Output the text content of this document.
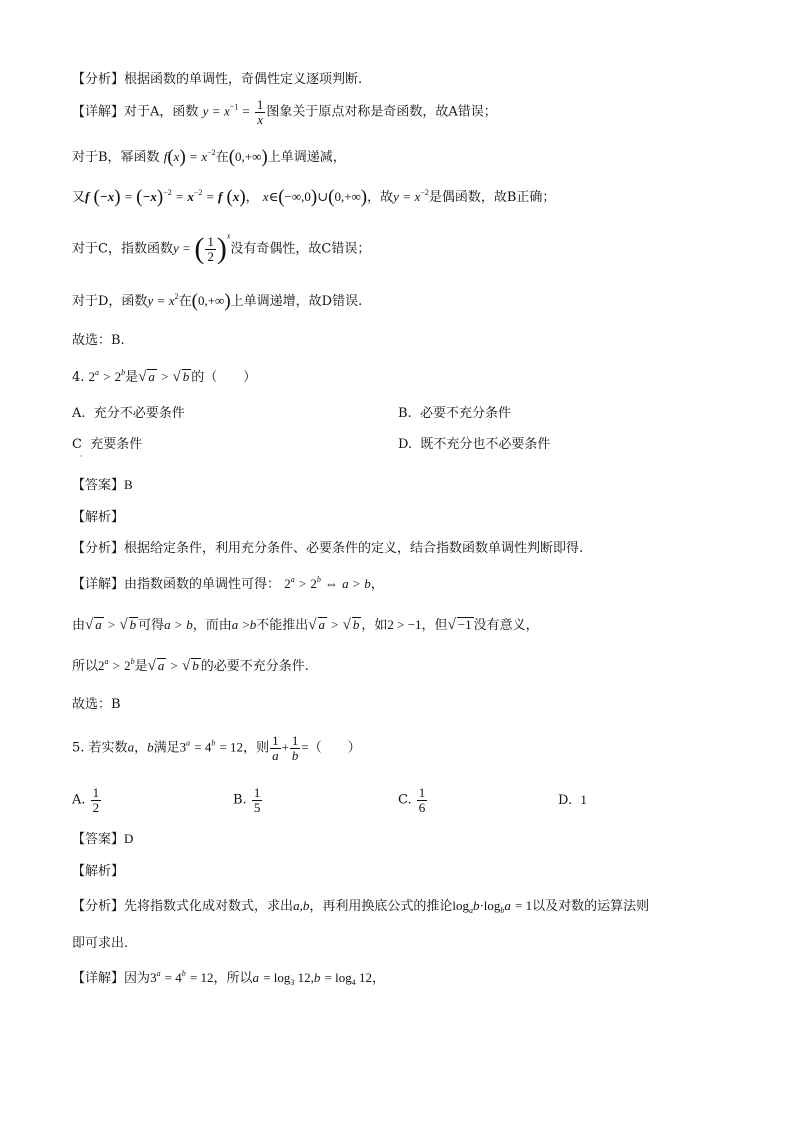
【 分析 】 根据函数的单调性，奇偶性定义逐项判断.
【 详解 】 对于A，函数 $y = x^{-1} = \frac{1}{x}$ 图象关于原点对称是奇函数，故A错误；
对于B，幂函数 $f(x) = x^{-2}$在(0,+∞)上单调递减，
又f $(-x) = (-x)^{-2} = x^{-2} = f$ (x)， x∈(−∞,0)∪(0,+∞)，故$y = x^{-2}$是偶函数，故B正确；
对于C，指数函数y = ( $\frac{1}{2} )^x$没有奇偶性，故C错误；
对于D，函数$y = x^2$在(0,+∞)上单调递增，故D错误.
故选：B.
4. $2^a > 2^b$是√ a > √ b 的（　　）
A. 充分不必要条件	B. 必要不充分条件
C 充要条件
·
D. 既不充分也不必要条件
【 答案 】 B
【 解析 】
【 分析 】 根据给定条件，利用充分条件、必要条件的定义，结合指数函数单调性判断即得.
【 详解 】 由指数函数的单调性可得： $2^a > 2^b$ ⇔ a > b，
由√ a > √ b 可得a > b，而由a >b不能推出√ a > √ b ，如2 > −1，但√ −1 没有意义，
所以$2^a > 2^b$是√ a > √ b 的必要不充分条件.
故选：B
5. 若实数a，b满足$3^a = 4^b = 12$，则 $\frac{1}{a} + \frac{1}{b}$ =（　　）
A. $\frac{1}{2}$	B. $\frac{1}{5}$	C. $\frac{1}{6}$	D. 1
【 答案 】 D
【 解析 】
【 分析 】 先将指数式化成对数式，求出a,b，再利用换底公式的推论$\log_ab\cdot\log_ba = 1$以及对数的运算法则
即可求出.
【 详解 】 因为$3^a = 4^b = 12$，所以$a = \log_3 12,b = \log_4 12$，
